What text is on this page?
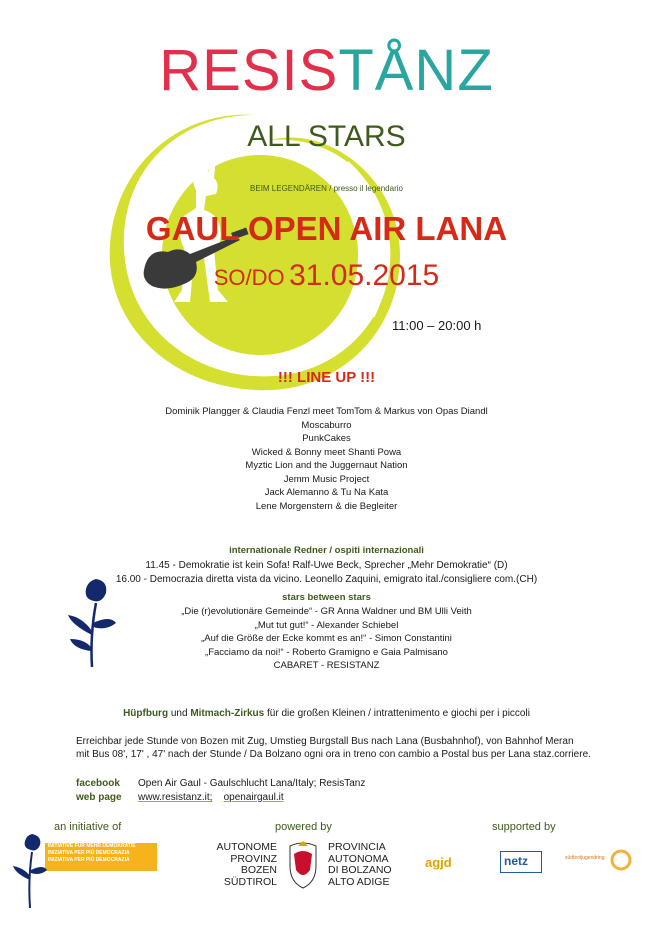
RESISTÅNZ
ALL STARS
BEIM LEGENDÄREN / presso il legendario
GAUL OPEN AIR LANA
SO/DO 31.05.2015
11:00 – 20:00 h
!!! LINE UP !!!
Dominik Plangger & Claudia Fenzl meet TomTom & Markus von Opas Diandl
Moscaburro
PunkCakes
Wicked & Bonny meet Shanti Powa
Myztic Lion and the Juggernaut Nation
Jemm Music Project
Jack Alemanno & Tu Na Kata
Lene Morgenstern & die Begleiter
internationale Redner / ospiti internazionali
11.45 - Demokratie ist kein Sofa! Ralf-Uwe Beck, Sprecher „Mehr Demokratie“ (D)
16.00 - Democrazia diretta vista da vicino. Leonello Zaquini, emigrato ital./consigliere com.(CH)
stars between stars
„Die (r)evolutionäre Gemeinde“ - GR Anna Waldner und BM Ulli Veith
„Mut tut gut!“ - Alexander Schiebel
„Auf die Größe der Ecke kommt es an!“ - Simon Constantini
„Facciamo da noi!“ - Roberto Gramigno e Gaia Palmisano
CABARET - RESISTANZ
Hüpfburg und Mitmach-Zirkus für die großen Kleinen / intrattenimento e giochi per i piccoli
Erreichbar jede Stunde von Bozen mit Zug, Umstieg Burgstall Bus nach Lana (Busbahnhof), von Bahnhof Meran
mit Bus 08', 17' , 47' nach der Stunde / Da Bolzano ogni ora in treno con cambio a Postal bus per Lana staz.corriere.
facebook Open Air Gaul - Gaulschlucht Lana/Italy; ResisTanz
web page www.resistanz.it; openairgaul.it
an initiative of
INITIATIVE FÜR MEHR DEMOKRATIE
INIZIATIVA PER PIÙ DEMOCRAZIA
INIZIATIVA PER PIÙ DEMOCRAZIA
powered by
AUTONOME
PROVINZ
BOZEN
SÜDTIROL
PROVINCIA
AUTONOMA
DI BOLZANO
ALTO ADIGE
supported by
agjd	netz	südtiroljugendring
